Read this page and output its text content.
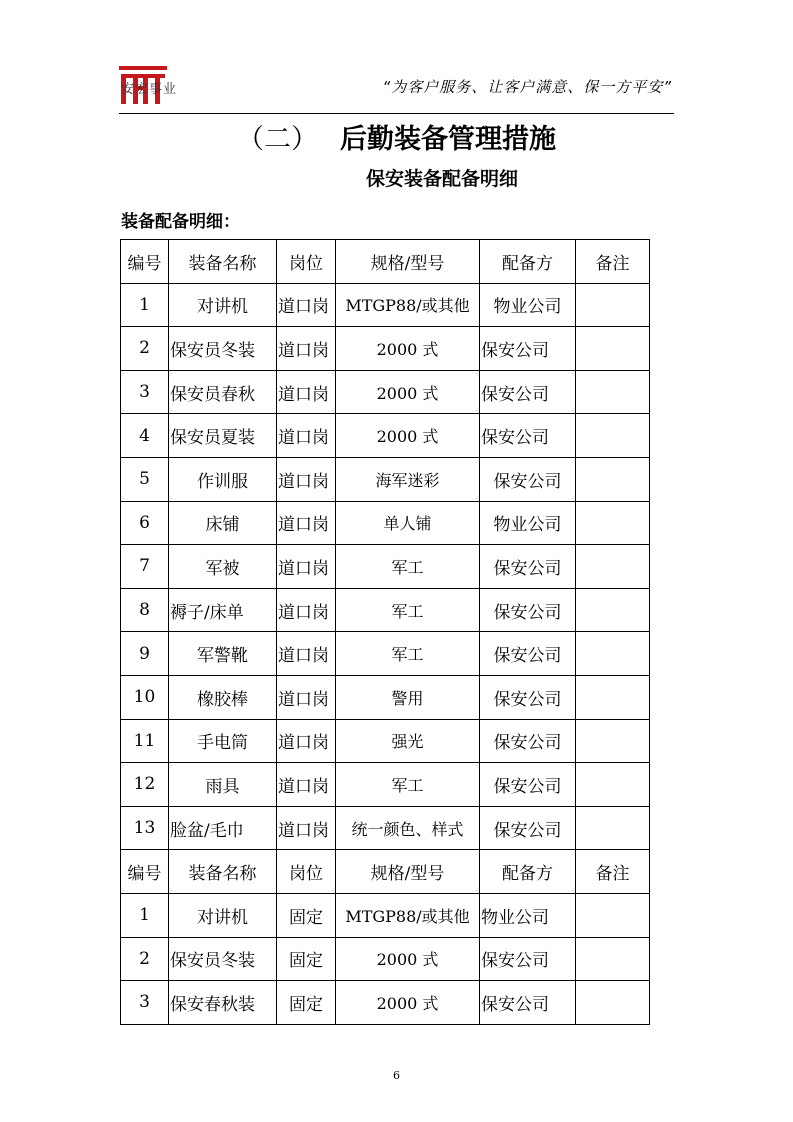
安宏事业	“为客户服务、让客户满意、保一方平安”
（二） 后勤装备管理措施
保安装备配备明细
装备配备明细：
编号	装备名称	岗位	规格/型号	配备方	备注
1	对讲机	道口岗	MTGP88/或其他	物业公司	
2	保安员冬装	道口岗	2000 式	保安公司	
3	保安员春秋	道口岗	2000 式	保安公司	
4	保安员夏装	道口岗	2000 式	保安公司	
5	作训服	道口岗	海军迷彩	保安公司	
6	床铺	道口岗	单人铺	物业公司	
7	军被	道口岗	军工	保安公司	
8	褥子/床单	道口岗	军工	保安公司	
9	军警靴	道口岗	军工	保安公司	
10	橡胶棒	道口岗	警用	保安公司	
11	手电筒	道口岗	强光	保安公司	
12	雨具	道口岗	军工	保安公司	
13	脸盆/毛巾	道口岗	统一颜色、样式	保安公司	
编号	装备名称	岗位	规格/型号	配备方	备注
1	对讲机	固定	MTGP88/或其他	物业公司	
2	保安员冬装	固定	2000 式	保安公司	
3	保安春秋装	固定	2000 式	保安公司	
6
